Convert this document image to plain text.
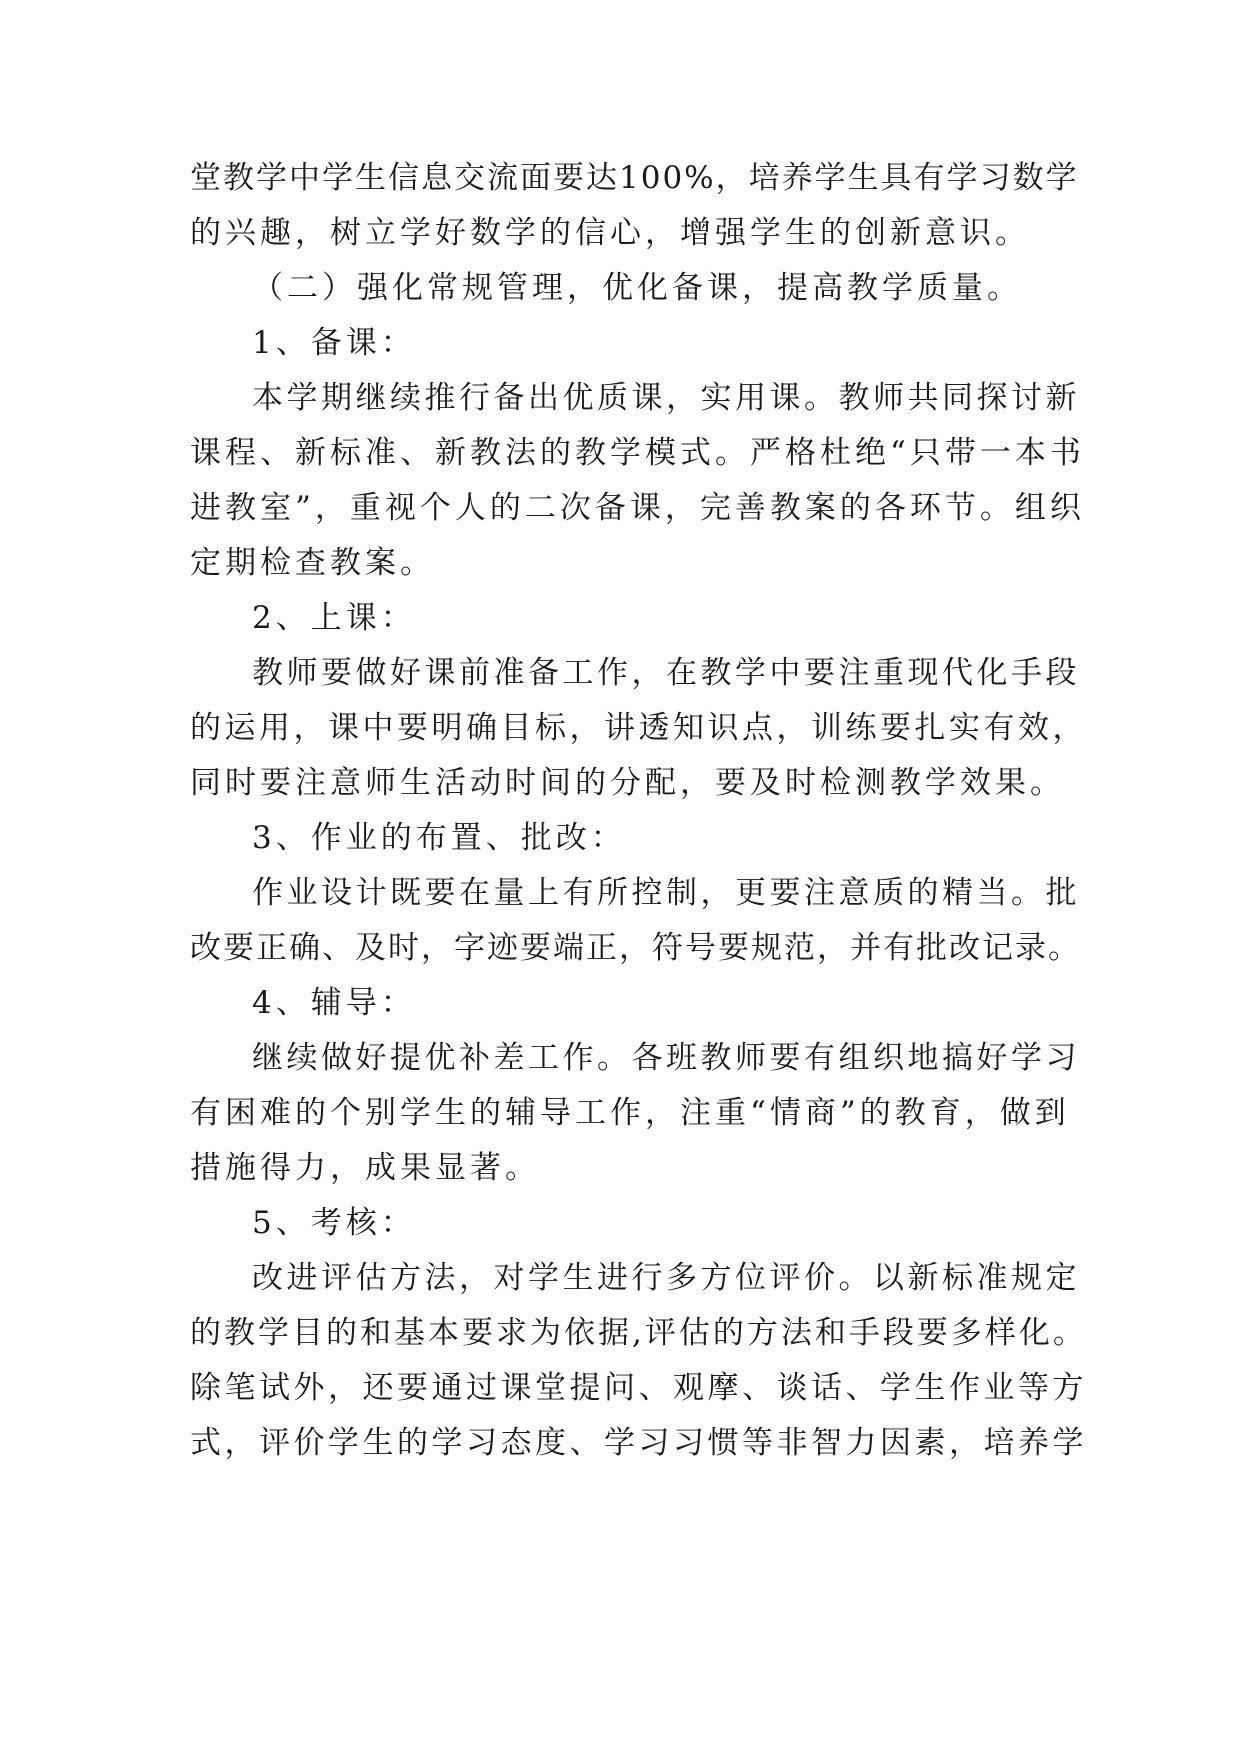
堂教学中学生信息交流面要达100%，培养学生具有学习数学
的兴趣，树立学好数学的信心，增强学生的创新意识。
（二）强化常规管理，优化备课，提高教学质量。
1、备课：
本学期继续推行备出优质课，实用课。教师共同探讨新
课程、新标准、新教法的教学模式。严格杜绝“只带一本书
进教室”，重视个人的二次备课，完善教案的各环节。组织
定期检查教案。
2、上课：
教师要做好课前准备工作，在教学中要注重现代化手段
的运用，课中要明确目标，讲透知识点，训练要扎实有效，
同时要注意师生活动时间的分配，要及时检测教学效果。
3、作业的布置、批改：
作业设计既要在量上有所控制，更要注意质的精当。批
改要正确、及时，字迹要端正，符号要规范，并有批改记录。
4、辅导：
继续做好提优补差工作。各班教师要有组织地搞好学习
有困难的个别学生的辅导工作，注重“情商”的教育，做到
措施得力，成果显著。
5、考核：
改进评估方法，对学生进行多方位评价。以新标准规定
的教学目的和基本要求为依据,评估的方法和手段要多样化。
除笔试外，还要通过课堂提问、观摩、谈话、学生作业等方
式，评价学生的学习态度、学习习惯等非智力因素，培养学
